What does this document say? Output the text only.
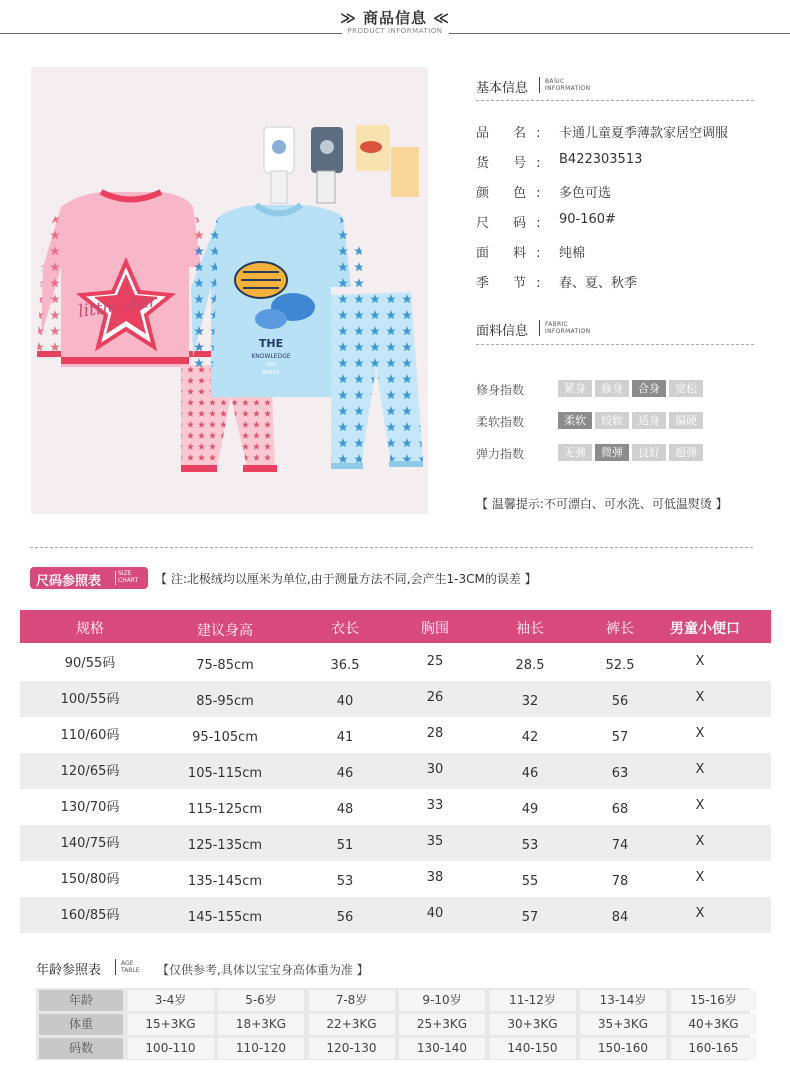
≫ 商品信息 ≪
PRODUCT INFORMATION
little star
THE
KNOWLEDGE
YOU
WINGS
基本信息	BASIC
INFORMATION
品 名: 卡通儿童夏季薄款家居空调服
货 号: B422303513
颜 色: 多色可选
尺 码: 90-160#
面 料: 纯棉
季 节: 春、夏、秋季
面料信息	FABRIC
INFORMATION
修身指数	紧身	修身	合身	宽松
柔软指数	柔软	较软	适身	偏硬
弹力指数	无弹	微弹	良好	超弹
【 温馨提示:不可漂白、可水洗、可低温熨烫 】
尺码参照表
SIZE
CHART 【 注:北极绒均以厘米为单位,由于测量方法不同,会产生1-3CM的误差 】
规格	建议身高	衣长	胸围	袖长	裤长	男童小便口
90/55码	75-85cm	36.5	25	28.5	52.5	X
100/55码	85-95cm	40	26	32	56	X
110/60码	95-105cm	41	28	42	57	X
120/65码	105-115cm	46	30	46	63	X
130/70码	115-125cm	48	33	49	68	X
140/75码	125-135cm	51	35	53	74	X
150/80码	135-145cm	53	38	55	78	X
160/85码	145-155cm	56	40	57	84	X
年龄参照表	AGE
TABLE 【仅供参考,具体以宝宝身高体重为准 】
年龄	3-4岁	5-6岁	7-8岁	9-10岁	11-12岁	13-14岁	15-16岁
体重	15+3KG	18+3KG	22+3KG	25+3KG	30+3KG	35+3KG	40+3KG
码数	100-110	110-120	120-130	130-140	140-150	150-160	160-165
